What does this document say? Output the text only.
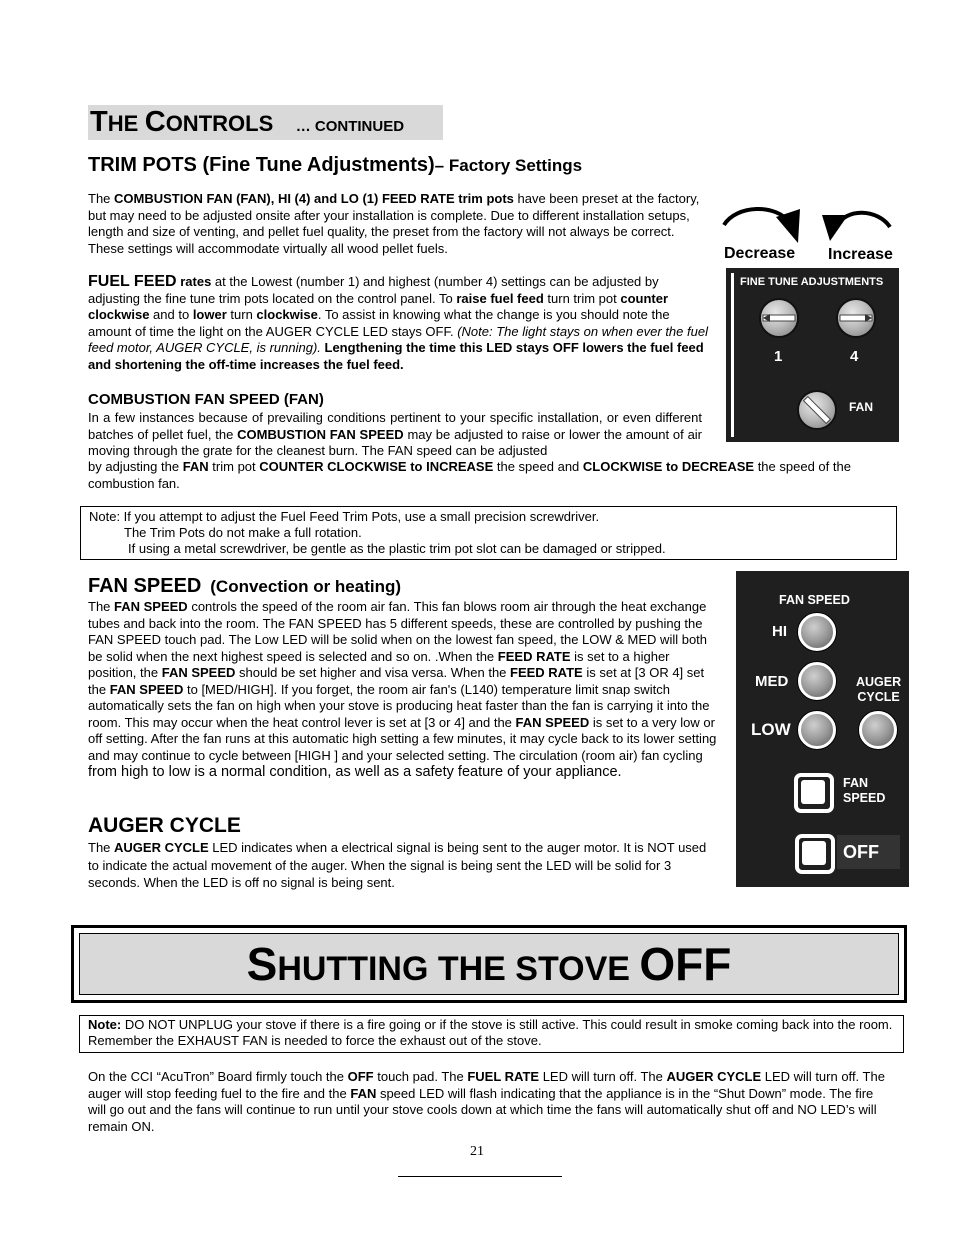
THE CONTROLS … CONTINUED
TRIM POTS (Fine Tune Adjustments)– Factory Settings

The COMBUSTION FAN (FAN), HI (4) and LO (1) FEED RATE trim pots have been preset at the factory, but may need to be adjusted onsite after your installation is complete. Due to different installation setups, length and size of venting, and pellet fuel quality, the preset from the factory will not always be correct. These settings will accommodate virtually all wood pellet fuels.

FUEL FEED rates at the Lowest (number 1) and highest (number 4) settings can be adjusted by adjusting the fine tune trim pots located on the control panel. To raise fuel feed turn trim pot counter clockwise and to lower turn clockwise. To assist in knowing what the change is you should note the amount of time the light on the AUGER CYCLE LED stays OFF. (Note: The light stays on when ever the fuel feed motor, AUGER CYCLE, is running). Lengthening the time this LED stays OFF lowers the fuel feed and shortening the off-time increases the fuel feed.

COMBUSTION FAN SPEED (FAN)

In a few instances because of prevailing conditions pertinent to your specific installation, or even different batches of pellet fuel, the COMBUSTION FAN SPEED may be adjusted to raise or lower the amount of air moving through the grate for the cleanest burn. The FAN speed can be adjusted

by adjusting the FAN trim pot COUNTER CLOCKWISE to INCREASE the speed and CLOCKWISE to DECREASE the speed of the combustion fan.

Decrease Increase
FINE TUNE ADJUSTMENTS
1	4
FAN
Note: If you attempt to adjust the Fuel Feed Trim Pots, use a small precision screwdriver.
The Trim Pots do not make a full rotation.
If using a metal screwdriver, be gentle as the plastic trim pot slot can be damaged or stripped.
FAN SPEED (Convection or heating)

The FAN SPEED controls the speed of the room air fan. This fan blows room air through the heat exchange tubes and back into the room. The FAN SPEED has 5 different speeds, these are controlled by pushing the FAN SPEED touch pad. The Low LED will be solid when on the lowest fan speed, the LOW & MED will both be solid when the next highest speed is selected and so on. .When the FEED RATE is set to a higher position, the FAN SPEED should be set higher and visa versa. When the FEED RATE is set at [3 OR 4] set the FAN SPEED to [MED/HIGH]. If you forget, the room air fan's (L140) temperature limit snap switch automatically sets the fan on high when your stove is producing heat faster than the fan is carrying it into the room. This may occur when the heat control lever is set at [3 or 4] and the FAN SPEED is set to a very low or off setting. After the fan runs at this automatic high setting a few minutes, it may cycle back to its lower setting and may continue to cycle between [HIGH ] and your selected setting. The circulation (room air) fan cycling from high to low is a normal condition, as well as a safety feature of your appliance.

AUGER CYCLE

The AUGER CYCLE LED indicates when a electrical signal is being sent to the auger motor. It is NOT used to indicate the actual movement of the auger. When the signal is being sent the LED will be solid for 3 seconds. When the LED is off no signal is being sent.

FAN SPEED
HI
MED	AUGER
CYCLE
LOW
FAN
SPEED
OFF
SHUTTING THE STOVE OFF

Note: DO NOT UNPLUG your stove if there is a fire going or if the stove is still active. This could result in smoke coming back into the room. Remember the EXHAUST FAN is needed to force the exhaust out of the stove.

On the CCI “AcuTron” Board firmly touch the OFF touch pad. The FUEL RATE LED will turn off. The AUGER CYCLE LED will turn off. The auger will stop feeding fuel to the fire and the FAN speed LED will flash indicating that the appliance is in the “Shut Down” mode. The fire will go out and the fans will continue to run until your stove cools down at which time the fans will automatically shut off and NO LED’s will remain ON.

21
